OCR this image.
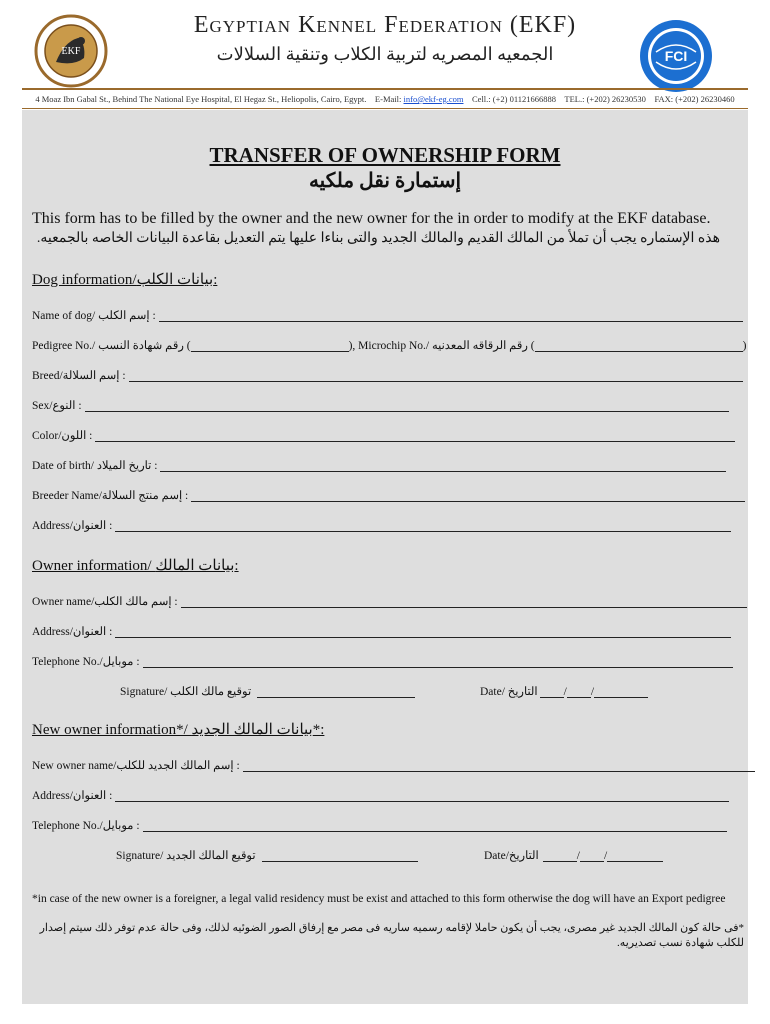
EKF
Egyptian Kennel Federation (EKF)
الجمعيه المصريه لتربية الكلاب وتنقية السلالات	FCI
4 Moaz Ibn Gabal St., Behind The National Eye Hospital, El Hegaz St., Heliopolis, Cairo, Egypt. E-Mail: info@ekf-eg.com Cell.: (+2) 01121666888 TEL.: (+202) 26230530 FAX: (+202) 26230460
TRANSFER OF OWNERSHIP FORM
إستمارة نقل ملكيه
This form has to be filled by the owner and the new owner for the in order to modify at the EKF database.
هذه الإستماره يجب أن تملأ من المالك القديم والمالك الجديد والتى بناءا عليها يتم التعديل بقاعدة البيانات الخاصه بالجمعيه.
Dog information/بيانات الكلب:
Name of dog/ إسم الكلب :
Pedigree No./ رقم شهادة النسب (	), Microchip No./ رقم الرقاقه المعدنيه (	)
Breed/إسم السلالة :
Sex/النوع :
Color/اللون :
Date of birth/ تاريخ الميلاد :
Breeder Name/إسم منتج السلالة :
Address/العنوان :
Owner information/ بيانات المالك:
Owner name/إسم مالك الكلب :
Address/العنوان :
Telephone No./موبايل :
Signature/ توقيع مالك الكلب	Date/ التاريخ / /
New owner information*/ بيانات المالك الجديد*:
New owner name/إسم المالك الجديد للكلب :
Address/العنوان :
Telephone No./موبايل :
Signature/ توقيع المالك الجديد	Date/التاريخ	/ /
*in case of the new owner is a foreigner, a legal valid residency must be exist and attached to this form otherwise the dog will have an Export pedigree
*فى حالة كون المالك الجديد غير مصرى، يجب أن يكون حاملا لإقامه رسميه ساريه فى مصر مع إرفاق الصور الضوئيه لذلك، وفى حالة عدم توفر ذلك سيتم إصدار للكلب شهادة نسب تصديريه.
